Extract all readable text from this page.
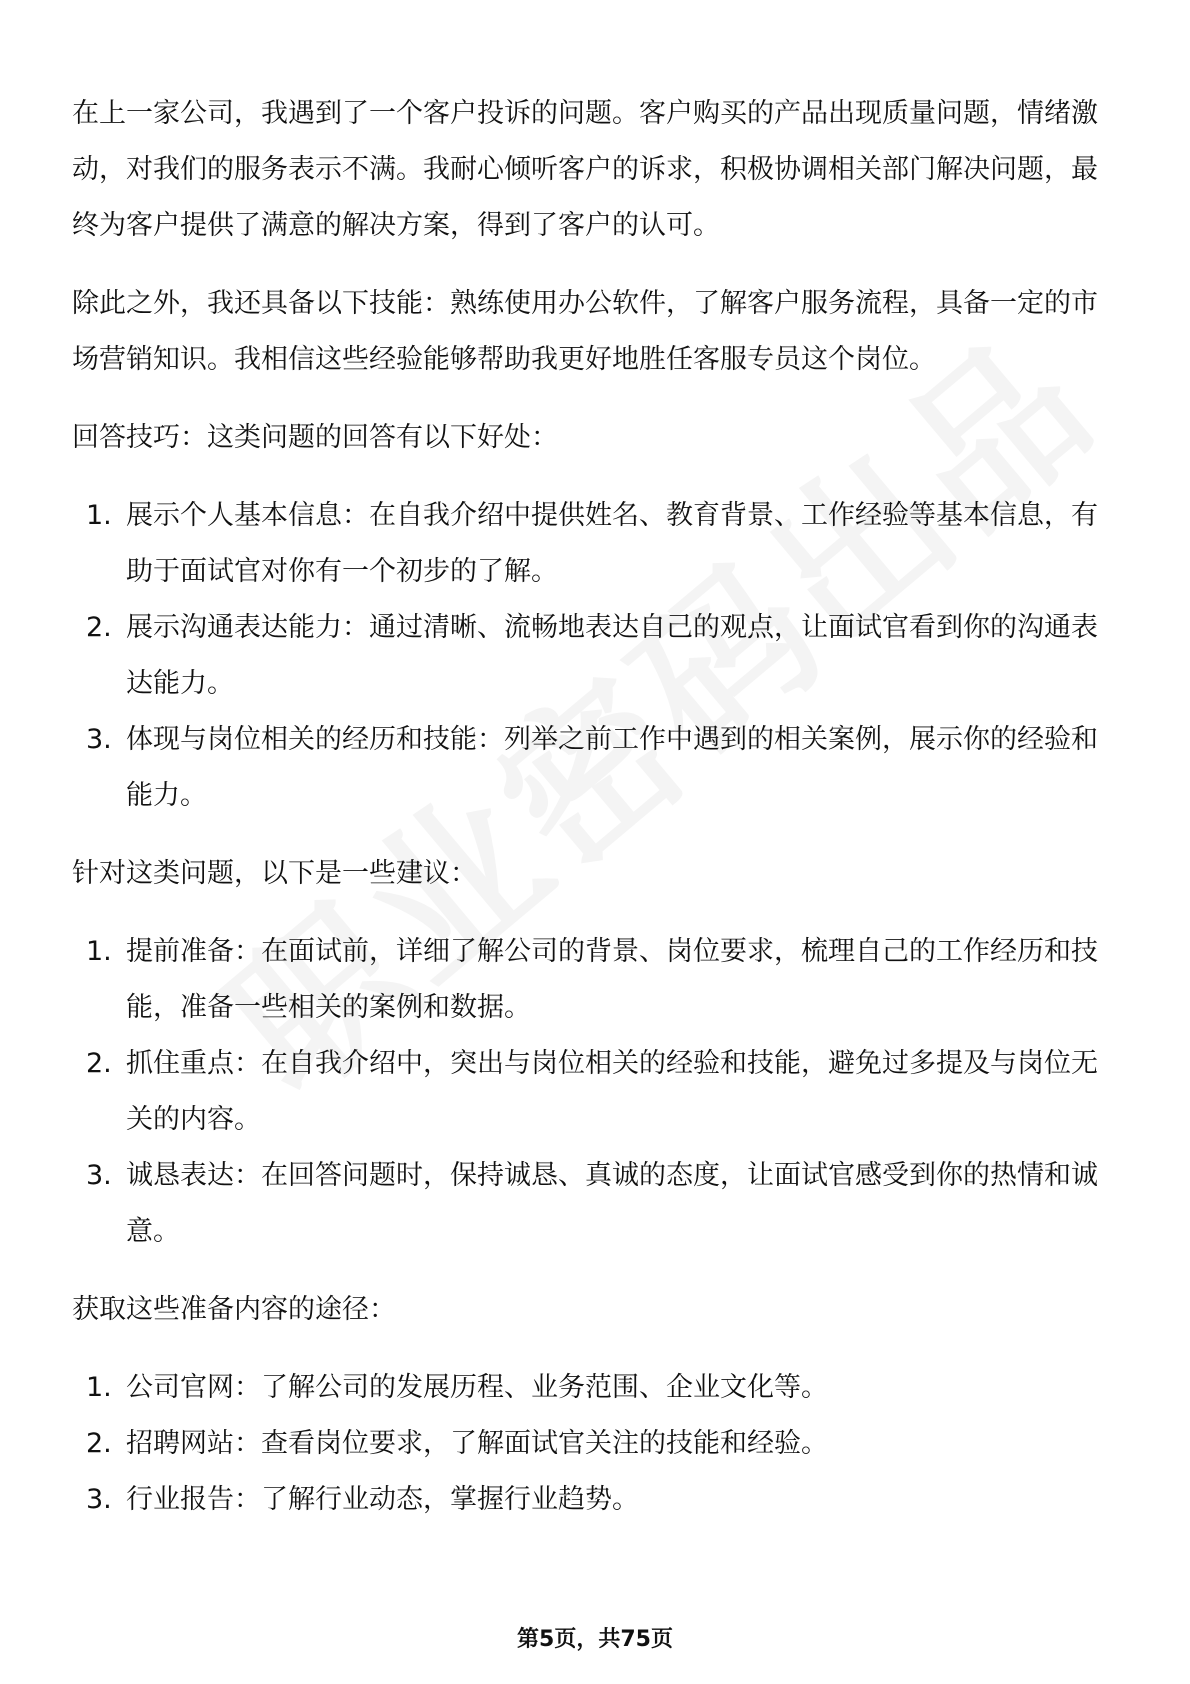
在上一家公司，我遇到了一个客户投诉的问题。客户购买的产品出现质量问题，情绪激动，对我们的服务表示不满。我耐心倾听客户的诉求，积极协调相关部门解决问题，最终为客户提供了满意的解决方案，得到了客户的认可。

除此之外，我还具备以下技能：熟练使用办公软件，了解客户服务流程，具备一定的市场营销知识。我相信这些经验能够帮助我更好地胜任客服专员这个岗位。

回答技巧：这类问题的回答有以下好处：

1. 展示个人基本信息：在自我介绍中提供姓名、教育背景、工作经验等基本信息，有助于面试官对你有一个初步的了解。
2. 展示沟通表达能力：通过清晰、流畅地表达自己的观点，让面试官看到你的沟通表达能力。
3. 体现与岗位相关的经历和技能：列举之前工作中遇到的相关案例，展示你的经验和能力。

针对这类问题，以下是一些建议：

1. 提前准备：在面试前，详细了解公司的背景、岗位要求，梳理自己的工作经历和技能，准备一些相关的案例和数据。
2. 抓住重点：在自我介绍中，突出与岗位相关的经验和技能，避免过多提及与岗位无关的内容。
3. 诚恳表达：在回答问题时，保持诚恳、真诚的态度，让面试官感受到你的热情和诚意。

获取这些准备内容的途径：

1. 公司官网：了解公司的发展历程、业务范围、企业文化等。
2. 招聘网站：查看岗位要求，了解面试官关注的技能和经验。
3. 行业报告：了解行业动态，掌握行业趋势。
第5页，共75页
